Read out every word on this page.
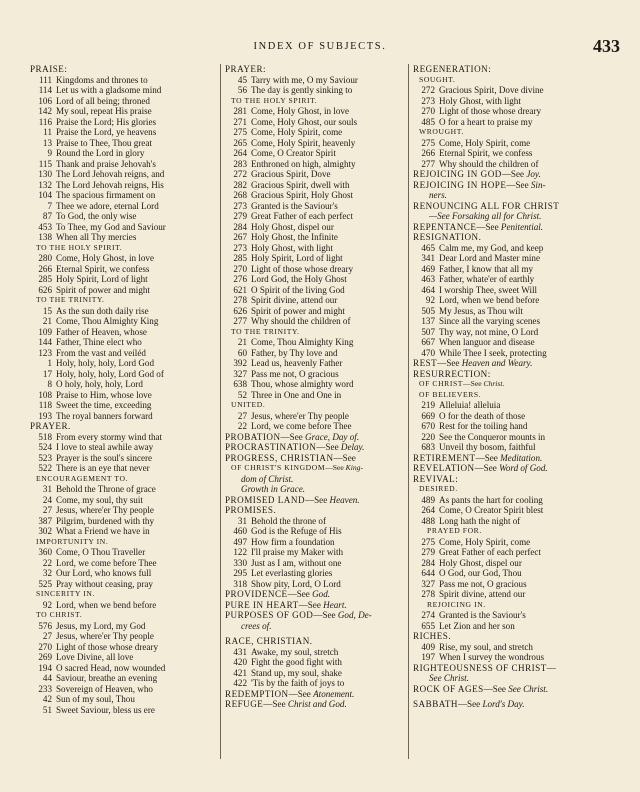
INDEX OF SUBJECTS.	433
PRAISE:
111 Kingdoms and thrones to
114 Let us with a gladsome mind
106 Lord of all being; throned
142 My soul, repeat His praise
116 Praise the Lord; His glories
11 Praise the Lord, ye heavens
13 Praise to Thee, Thou great
9 Round the Lord in glory
115 Thank and praise Jehovah's
130 The Lord Jehovah reigns, and
132 The Lord Jehovah reigns, His
104 The spacious firmament on
7 Thee we adore, eternal Lord
87 To God, the only wise
453 To Thee, my God and Saviour
138 When all Thy mercies
TO THE HOLY SPIRIT.
280 Come, Holy Ghost, in love
266 Eternal Spirit, we confess
285 Holy Spirit, Lord of light
626 Spirit of power and might
TO THE TRINITY.
15 As the sun doth daily rise
21 Come, Thou Almighty King
109 Father of Heaven, whose
144 Father, Thine elect who
123 From the vast and veiléd
1 Holy, holy, holy, Lord God
17 Holy, holy, holy, Lord God of
8 O holy, holy, holy, Lord
108 Praise to Him, whose love
118 Sweet the time, exceeding
193 The royal banners forward
PRAYER.
518 From every stormy wind that
524 I love to steal awhile away
523 Prayer is the soul's sincere
522 There is an eye that never
ENCOURAGEMENT TO.
31 Behold the Throne of grace
24 Come, my soul, thy suit
27 Jesus, where'er Thy people
387 Pilgrim, burdened with thy
302 What a Friend we have in
IMPORTUNITY IN.
360 Come, O Thou Traveller
22 Lord, we come before Thee
32 Our Lord, who knows full
525 Pray without ceasing, pray
SINCERITY IN.
92 Lord, when we bend before
TO CHRIST.
576 Jesus, my Lord, my God
27 Jesus, where'er Thy people
270 Light of those whose dreary
269 Love Divine, all love
194 O sacred Head, now wounded
44 Saviour, breathe an evening
233 Sovereign of Heaven, who
42 Sun of my soul, Thou
51 Sweet Saviour, bless us ere
PRAYER:
45 Tarry with me, O my Saviour
56 The day is gently sinking to
TO THE HOLY SPIRIT.
281 Come, Holy Ghost, in love
271 Come, Holy Ghost, our souls
275 Come, Holy Spirit, come
265 Come, Holy Spirit, heavenly
264 Come, O Creator Spirit
283 Enthroned on high, almighty
272 Gracious Spirit, Dove
282 Gracious Spirit, dwell with
268 Gracious Spirit, Holy Ghost
273 Granted is the Saviour's
279 Great Father of each perfect
284 Holy Ghost, dispel our
267 Holy Ghost, the Infinite
273 Holy Ghost, with light
285 Holy Spirit, Lord of light
270 Light of those whose dreary
276 Lord God, the Holy Ghost
621 O Spirit of the living God
278 Spirit divine, attend our
626 Spirit of power and might
277 Why should the children of
TO THE TRINITY.
21 Come, Thou Almighty King
60 Father, by Thy love and
392 Lead us, heavenly Father
327 Pass me not, O gracious
638 Thou, whose almighty word
52 Three in One and One in
UNITED.
27 Jesus, where'er Thy people
22 Lord, we come before Thee
PROBATION—See Grace, Day of.
PROCRASTINATION—See Delay.
PROGRESS, CHRISTIAN—See
OF CHRIST'S KINGDOM—See King-
dom of Christ.
Growth in Grace.
PROMISED LAND—See Heaven.
PROMISES.
31 Behold the throne of
460 God is the Refuge of His
497 How firm a foundation
122 I'll praise my Maker with
330 Just as I am, without one
295 Let everlasting glories
318 Show pity, Lord, O Lord
PROVIDENCE—See God.
PURE IN HEART—See Heart.
PURPOSES OF GOD—See God, De-
crees of.
RACE, CHRISTIAN.
431 Awake, my soul, stretch
420 Fight the good fight with
421 Stand up, my soul, shake
422 'Tis by the faith of joys to
REDEMPTION—See Atonement.
REFUGE—See Christ and God.
REGENERATION:
SOUGHT.
272 Gracious Spirit, Dove divine
273 Holy Ghost, with light
270 Light of those whose dreary
485 O for a heart to praise my
WROUGHT.
275 Come, Holy Spirit, come
266 Eternal Spirit, we confess
277 Why should the children of
REJOICING IN GOD—See Joy.
REJOICING IN HOPE—See Sin-
ners.
RENOUNCING ALL FOR CHRIST
—See Forsaking all for Christ.
REPENTANCE—See Penitential.
RESIGNATION.
465 Calm me, my God, and keep
341 Dear Lord and Master mine
469 Father, I know that all my
463 Father, whate'er of earthly
464 I worship Thee, sweet Will
92 Lord, when we bend before
505 My Jesus, as Thou wilt
137 Since all the varying scenes
507 Thy way, not mine, O Lord
667 When languor and disease
470 While Thee I seek, protecting
REST—See Heaven and Weary.
RESURRECTION:
OF CHRIST—See Christ.
OF BELIEVERS.
219 Alleluia! alleluia
669 O for the death of those
670 Rest for the toiling hand
220 See the Conqueror mounts in
683 Unveil thy bosom, faithful
RETIREMENT—See Meditation.
REVELATION—See Word of God.
REVIVAL:
DESIRED.
489 As pants the hart for cooling
264 Come, O Creator Spirit blest
488 Long hath the night of
PRAYED FOR.
275 Come, Holy Spirit, come
279 Great Father of each perfect
284 Holy Ghost, dispel our
644 O God, our God, Thou
327 Pass me not, O gracious
278 Spirit divine, attend our
REJOICING IN.
274 Granted is the Saviour's
655 Let Zion and her son
RICHES.
409 Rise, my soul, and stretch
197 When I survey the wondrous
RIGHTEOUSNESS OF CHRIST—
See Christ.
ROCK OF AGES—See See Christ.
SABBATH—See Lord's Day.
